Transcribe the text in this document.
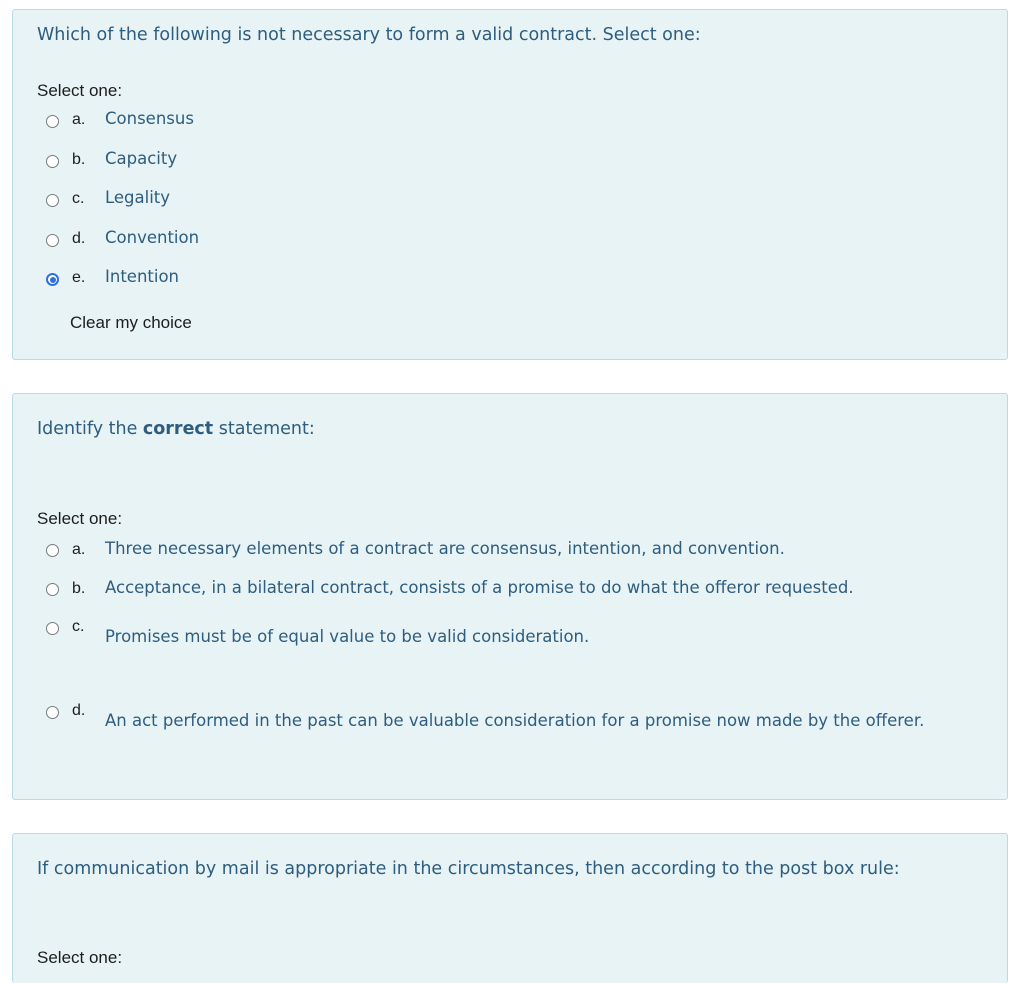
Which of the following is not necessary to form a valid contract. Select one:
Select one:
a. Consensus
b. Capacity
c. Legality
d. Convention
e. Intention
Clear my choice
Identify the correct statement:
Select one:
a. Three necessary elements of a contract are consensus, intention, and convention.
b. Acceptance, in a bilateral contract, consists of a promise to do what the offeror requested.
c.
Promises must be of equal value to be valid consideration.
d.
An act performed in the past can be valuable consideration for a promise now made by the offerer.
If communication by mail is appropriate in the circumstances, then according to the post box rule:
Select one:
